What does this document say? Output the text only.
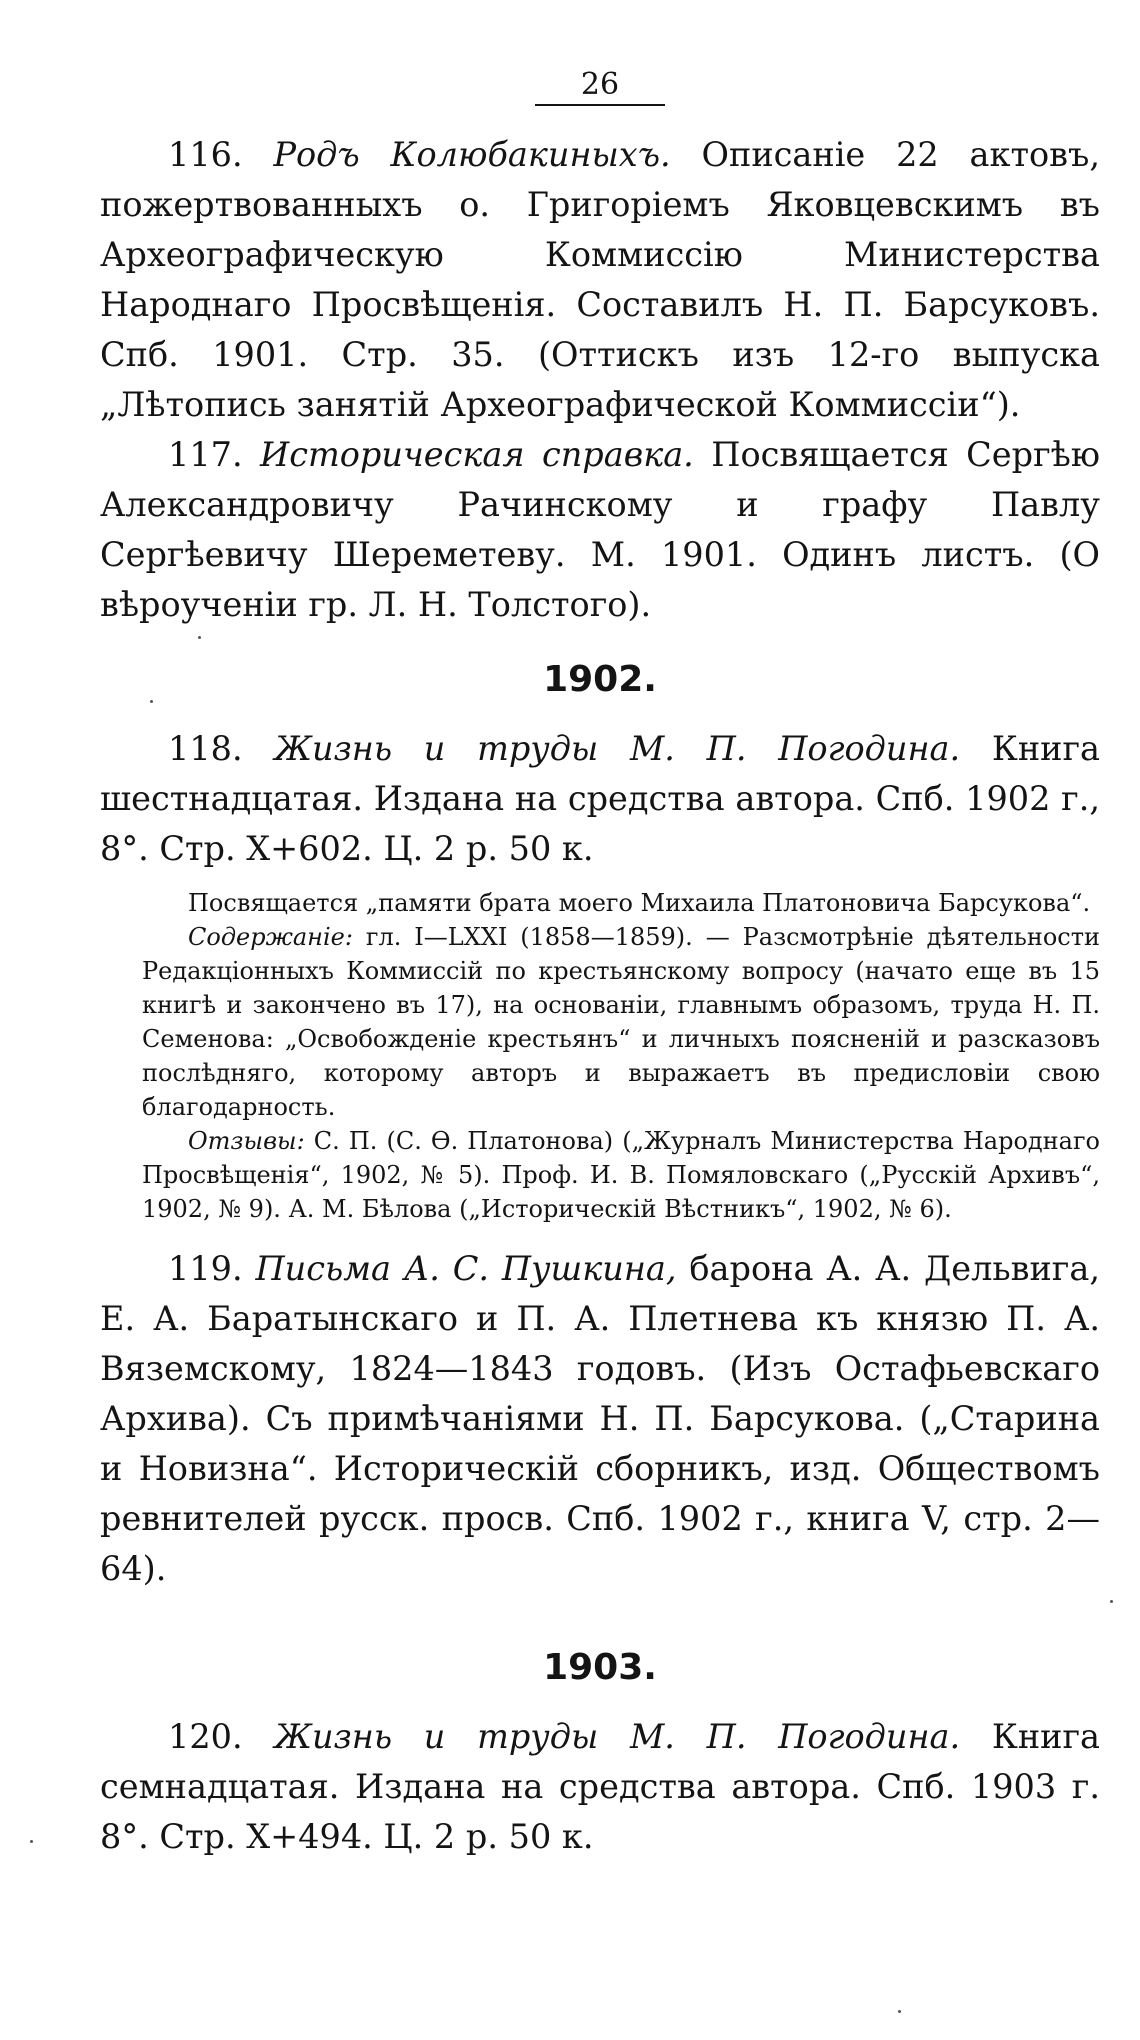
26

116. Родъ Колюбакиныхъ. Описаніе 22 актовъ, пожертвованныхъ о. Григоріемъ Яковцевскимъ въ Археографическую Коммиссію Министерства Народнаго Просвѣщенія. Составилъ Н. П. Барсуковъ. Спб. 1901. Стр. 35. (Оттискъ изъ 12-го выпуска „Лѣтопись занятій Археографической Коммиссіи“).

117. Историческая справка. Посвящается Сергѣю Александровичу Рачинскому и графу Павлу Сергѣевичу Шереметеву. М. 1901. Одинъ листъ. (О вѣроученіи гр. Л. Н. Толстого).

1902.

118. Жизнь и труды М. П. Погодина. Книга шестнадцатая. Издана на средства автора. Спб. 1902 г., 8°. Стр. X+602. Ц. 2 р. 50 к.

Посвящается „памяти брата моего Михаила Платоновича Барсукова“.

Содержаніе: гл. I—LXXI (1858—1859). — Разсмотрѣніе дѣятельности Редакціонныхъ Коммиссій по крестьянскому вопросу (начато еще въ 15 книгѣ и закончено въ 17), на основаніи, главнымъ образомъ, труда Н. П. Семенова: „Освобожденіе крестьянъ“ и личныхъ поясненій и разсказовъ послѣдняго, которому авторъ и выражаетъ въ предисловіи свою благодарность.

Отзывы: С. П. (С. Ѳ. Платонова) („Журналъ Министерства Народнаго Просвѣщенія“, 1902, № 5). Проф. И. В. Помяловскаго („Русскій Архивъ“, 1902, № 9). А. М. Бѣлова („Историческій Вѣстникъ“, 1902, № 6).

119. Письма А. С. Пушкина, барона А. А. Дельвига, Е. А. Баратынскаго и П. А. Плетнева къ князю П. А. Вяземскому, 1824—1843 годовъ. (Изъ Остафьевскаго Архива). Съ примѣчаніями Н. П. Барсукова. („Старина и Новизна“. Историческій сборникъ, изд. Обществомъ ревнителей русск. просв. Спб. 1902 г., книга V, стр. 2—64).

1903.

120. Жизнь и труды М. П. Погодина. Книга семнадцатая. Издана на средства автора. Спб. 1903 г. 8°. Стр. X+494. Ц. 2 р. 50 к.
